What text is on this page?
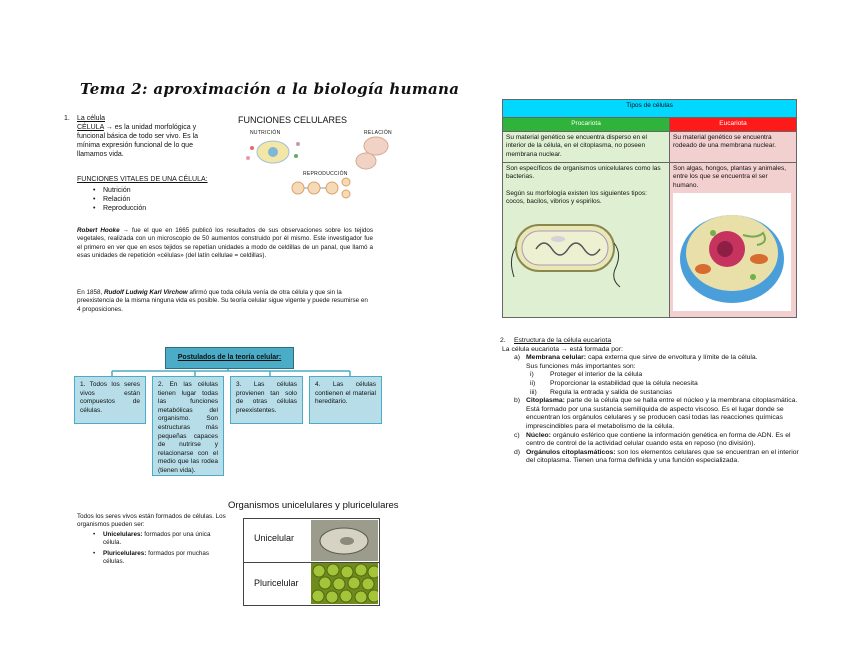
Tema 2: aproximación a la biología humana
1. La célula
CÉLULA → es la unidad morfológica y funcional básica de todo ser vivo. Es la mínima expresión funcional de lo que llamamos vida.
FUNCIONES VITALES DE UNA CÉLULA:
• Nutrición
• Relación
• Reproducción
FUNCIONES CELULARES
NUTRICIÓN	RELACIÓN
REPRODUCCIÓN
Robert Hooke → fue el que en 1665 publicó los resultados de sus observaciones sobre los tejidos vegetales, realizada con un microscopio de 50 aumentos construido por él mismo. Este investigador fue el primero en ver que en esos tejidos se repetían unidades a modo de celdillas de un panal, que llamó a esas unidades de repetición «células» (del latín cellulae = celdillas).
En 1858, Rudolf Ludwig Karl Virchow afirmó que toda célula venía de otra célula y que sin la preexistencia de la misma ninguna vida es posible. Su teoría celular sigue vigente y puede resumirse en 4 proposiciones.
Postulados de la teoría celular:
1. Todos los seres vivos están compuestos de células.
2. En las células tienen lugar todas las funciones metabólicas del organismo. Son estructuras más pequeñas capaces de nutrirse y relacionarse con el medio que las rodea (tienen vida).
3. Las células provienen tan solo de otras células preexistentes.
4. Las células contienen el material hereditario.
Todos los seres vivos están formados de células. Los organismos pueden ser:
• Unicelulares: formados por una única célula.
• Pluricelulares: formados por muchas células.
Organismos unicelulares y pluricelulares
Unicelular
Pluricelular
Tipos de células	
Procariota	Eucariota
Su material genético se encuentra disperso en el interior de la célula, en el citoplasma, no poseen membrana nuclear.	Su material genético se encuentra rodeado de una membrana nuclear.

Son específicos de organismos unicelulares como las bacterias.
Según su morfología existen los siguientes tipos: cocos, bacilos, vibrios y espirilos.	Son algas, hongos, plantas y animales, entre los que se encuentra el ser humano.
2.	Estructura de la célula eucariota
La célula eucariota → está formada por:
a) Membrana celular: capa externa que sirve de envoltura y límite de la célula.
Sus funciones más importantes son:
i)	Proteger el interior de la célula
ii)	Proporcionar la estabilidad que la célula necesita
iii)	Regula la entrada y salida de sustancias
b) Citoplasma: parte de la célula que se halla entre el núcleo y la membrana citoplasmática. Está formado por una sustancia semilíquida de aspecto viscoso. Es el lugar donde se encuentran los orgánulos celulares y se producen casi todas las reacciones químicas imprescindibles para el metabolismo de la célula.
c) Núcleo: orgánulo esférico que contiene la información genética en forma de ADN. Es el centro de control de la actividad celular cuando esta en reposo (no división).
d) Orgánulos citoplasmáticos: son los elementos celulares que se encuentran en el interior del citoplasma. Tienen una forma definida y una función especializada.
